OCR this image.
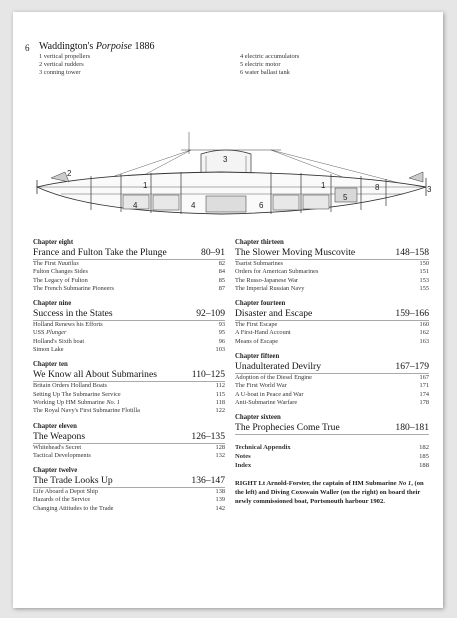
6 Waddington's Porpoise 1886
1 vertical propellers
2 vertical rudders
3 conning tower
4 electric accumulators
5 electric motor
6 water ballast tank
2
1
4
3
4	6
1
5
8	3
Chapter eight
France and Fulton Take the Plunge	80–91
The First Nautilus	82
Fulton Changes Sides	84
The Legacy of Fulton	85
The French Submarine Pioneers	87
Chapter nine
Success in the States	92–109
Holland Renews his Efforts	93
USS Plunger	95
Holland's Sixth boat	96
Simon Lake	103
Chapter ten
We Know all About Submarines	110–125
Britain Orders Holland Boats	112
Setting Up The Submarine Service	115
Working Up HM Submarine No. 1	118
The Royal Navy's First Submarine Flotilla	122
Chapter eleven
The Weapons	126–135
Whitehead's Secret	128
Tactical Developments	132
Chapter twelve
The Trade Looks Up	136–147
Life Aboard a Depot Ship	138
Hazards of the Service	139
Changing Attitudes to the Trade	142
Chapter thirteen
The Slower Moving Muscovite	148–158
Tsarist Submarines	150
Orders for American Submarines	151
The Russo-Japanese War	153
The Imperial Russian Navy	155
Chapter fourteen
Disaster and Escape	159–166
The First Escape	160
A First-Hand Account	162
Means of Escape	163
Chapter fifteen
Unadulterated Devilry	167–179
Adoption of the Diesel Engine	167
The First World War	171
A U-boat in Peace and War	174
Anti-Submarine Warfare	178
Chapter sixteen
The Prophecies Come True	180–181
Technical Appendix	182
Notes	185
Index	188
RIGHT Lt Arnold-Forster, the captain of HM Submarine No 1, (on the left) and Diving Coxswain Waller (on the right) on board their newly commissioned boat, Portsmouth harbour 1902.
